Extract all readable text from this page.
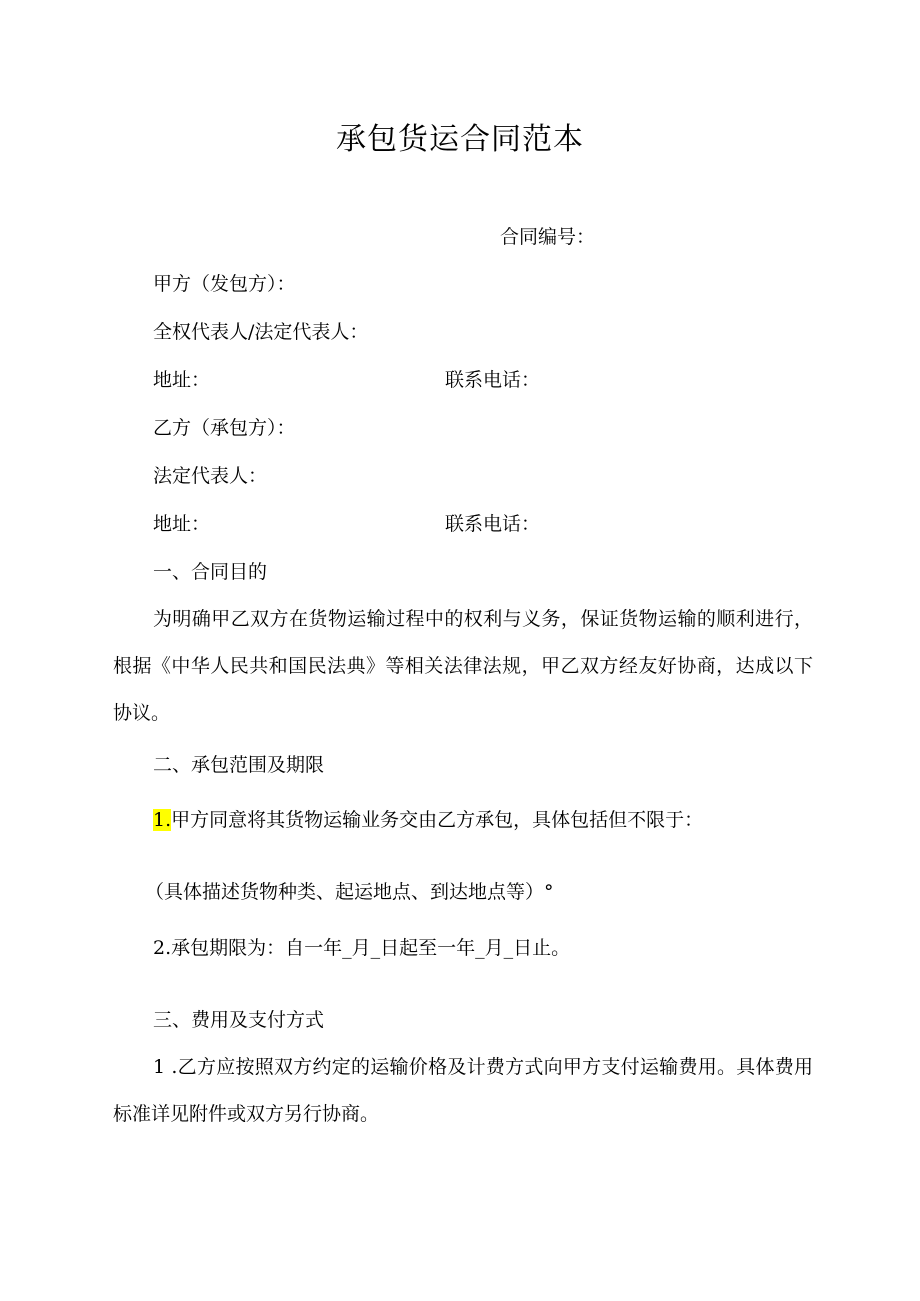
承包货运合同范本
合同编号：
甲方（发包方）：
全权代表人/法定代表人：
地址：	联系电话：
乙方（承包方）：
法定代表人：
地址：	联系电话：
一、合同目的
为明确甲乙双方在货物运输过程中的权利与义务，保证货物运输的顺利进行，根据《中华人民共和国民法典》等相关法律法规，甲乙双方经友好协商，达成以下协议。
二、承包范围及期限
1.甲方同意将其货物运输业务交由乙方承包，具体包括但不限于：
（具体描述货物种类、起运地点、到达地点等）°
2.承包期限为：自一年_月_日起至一年_月_日止。
三、费用及支付方式
1 .乙方应按照双方约定的运输价格及计费方式向甲方支付运输费用。具体费用标准详见附件或双方另行协商。
